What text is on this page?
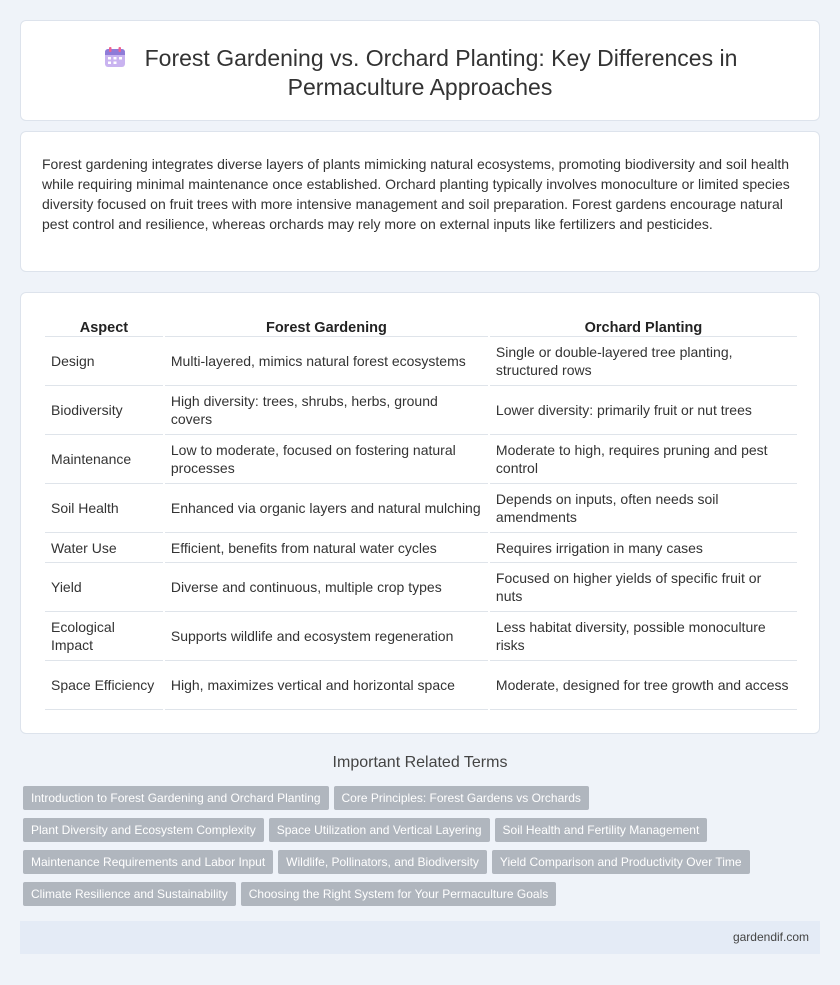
Forest Gardening vs. Orchard Planting: Key Differences in Permaculture Approaches

Forest gardening integrates diverse layers of plants mimicking natural ecosystems, promoting biodiversity and soil health while requiring minimal maintenance once established. Orchard planting typically involves monoculture or limited species diversity focused on fruit trees with more intensive management and soil preparation. Forest gardens encourage natural pest control and resilience, whereas orchards may rely more on external inputs like fertilizers and pesticides.

Aspect	Forest Gardening	Orchard Planting
Design	Multi-layered, mimics natural forest ecosystems	Single or double-layered tree planting, structured rows
Biodiversity	High diversity: trees, shrubs, herbs, ground covers	Lower diversity: primarily fruit or nut trees
Maintenance	Low to moderate, focused on fostering natural processes	Moderate to high, requires pruning and pest control
Soil Health	Enhanced via organic layers and natural mulching	Depends on inputs, often needs soil amendments
Water Use	Efficient, benefits from natural water cycles	Requires irrigation in many cases
Yield	Diverse and continuous, multiple crop types	Focused on higher yields of specific fruit or nuts
Ecological Impact	Supports wildlife and ecosystem regeneration	Less habitat diversity, possible monoculture risks
Space Efficiency	High, maximizes vertical and horizontal space	Moderate, designed for tree growth and access
Important Related Terms
Introduction to Forest Gardening and Orchard Planting Core Principles: Forest Gardens vs Orchards
Plant Diversity and Ecosystem Complexity Space Utilization and Vertical Layering Soil Health and Fertility Management
Maintenance Requirements and Labor Input Wildlife, Pollinators, and Biodiversity Yield Comparison and Productivity Over Time
Climate Resilience and Sustainability Choosing the Right System for Your Permaculture Goals
gardendif.com
